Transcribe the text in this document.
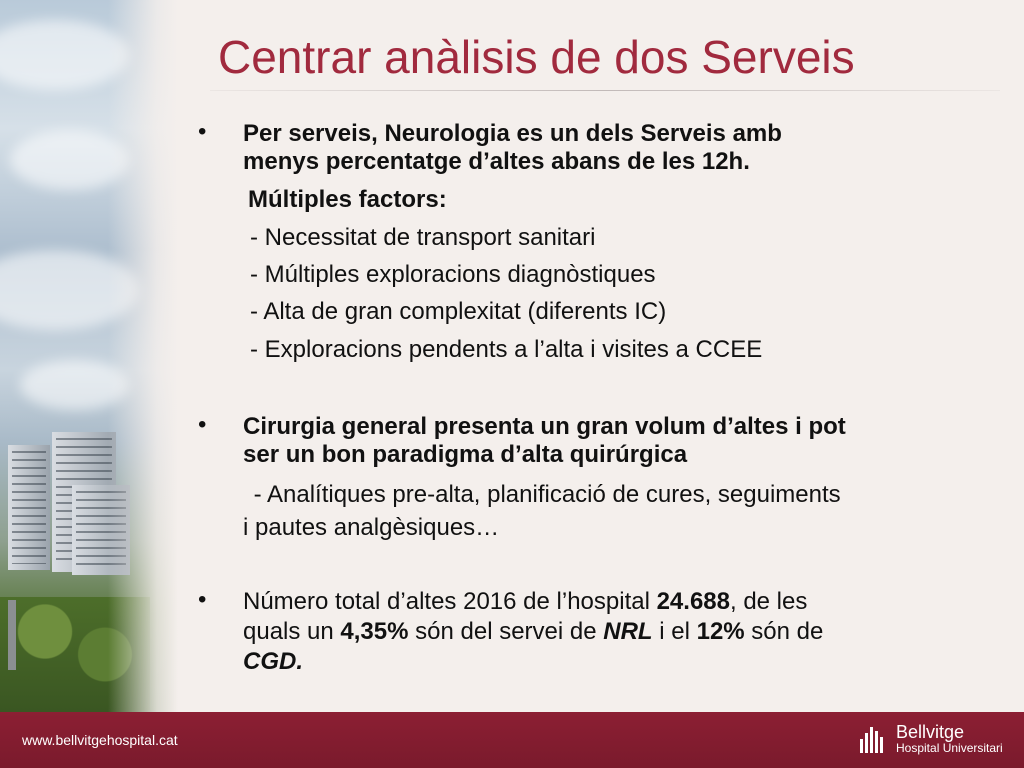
Centrar anàlisis de dos Serveis
• Per serveis, Neurologia es un dels Serveis amb
menys percentatge d’altes abans de les 12h.
Múltiples factors:
- Necessitat de transport sanitari
- Múltiples exploracions diagnòstiques
- Alta de gran complexitat (diferents IC)
- Exploracions pendents a l’alta i visites a CCEE
• Cirurgia general presenta un gran volum d’altes i pot
ser un bon paradigma d’alta quirúrgica
- Analítiques pre-alta, planificació de cures, seguiments
i pautes analgèsiques…
• Número total d’altes 2016 de l’hospital 24.688, de les
quals un 4,35% són del servei de NRL i el 12% són de
CGD.
www.bellvitgehospital.cat	Bellvitge
Hospital Universitari
